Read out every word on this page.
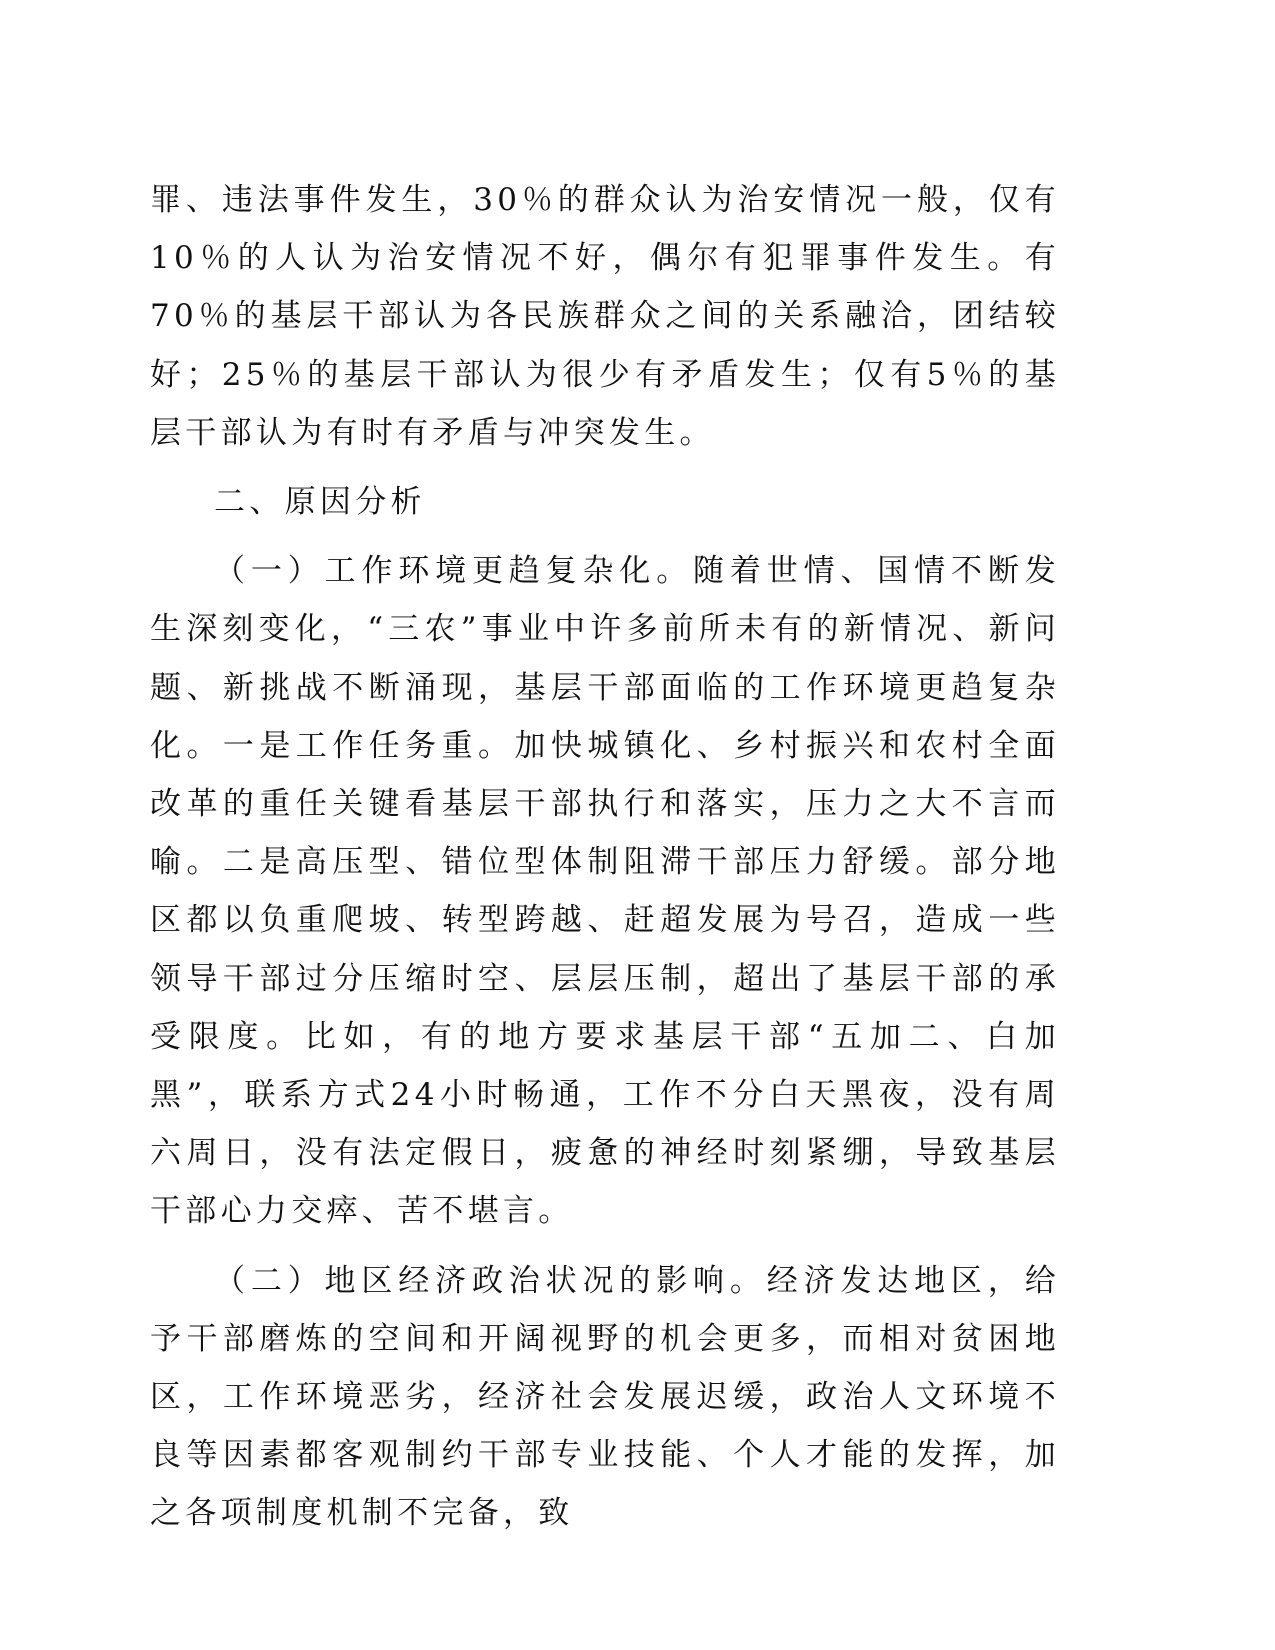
罪、违法事件发生，30％的群众认为治安情况一般，仅有10％的人认为治安情况不好，偶尔有犯罪事件发生。有70％的基层干部认为各民族群众之间的关系融洽，团结较好；25％的基层干部认为很少有矛盾发生；仅有5％的基层干部认为有时有矛盾与冲突发生。

二、原因分析

（一）工作环境更趋复杂化。随着世情、国情不断发生深刻变化，“三农”事业中许多前所未有的新情况、新问题、新挑战不断涌现，基层干部面临的工作环境更趋复杂化。一是工作任务重。加快城镇化、乡村振兴和农村全面改革的重任关键看基层干部执行和落实，压力之大不言而喻。二是高压型、错位型体制阻滞干部压力舒缓。部分地区都以负重爬坡、转型跨越、赶超发展为号召，造成一些领导干部过分压缩时空、层层压制，超出了基层干部的承受限度。比如，有的地方要求基层干部“五加二、白加黑”，联系方式24小时畅通，工作不分白天黑夜，没有周六周日，没有法定假日，疲惫的神经时刻紧绷，导致基层干部心力交瘁、苦不堪言。

（二）地区经济政治状况的影响。经济发达地区，给予干部磨炼的空间和开阔视野的机会更多，而相对贫困地区，工作环境恶劣，经济社会发展迟缓，政治人文环境不良等因素都客观制约干部专业技能、个人才能的发挥，加之各项制度机制不完备，致
